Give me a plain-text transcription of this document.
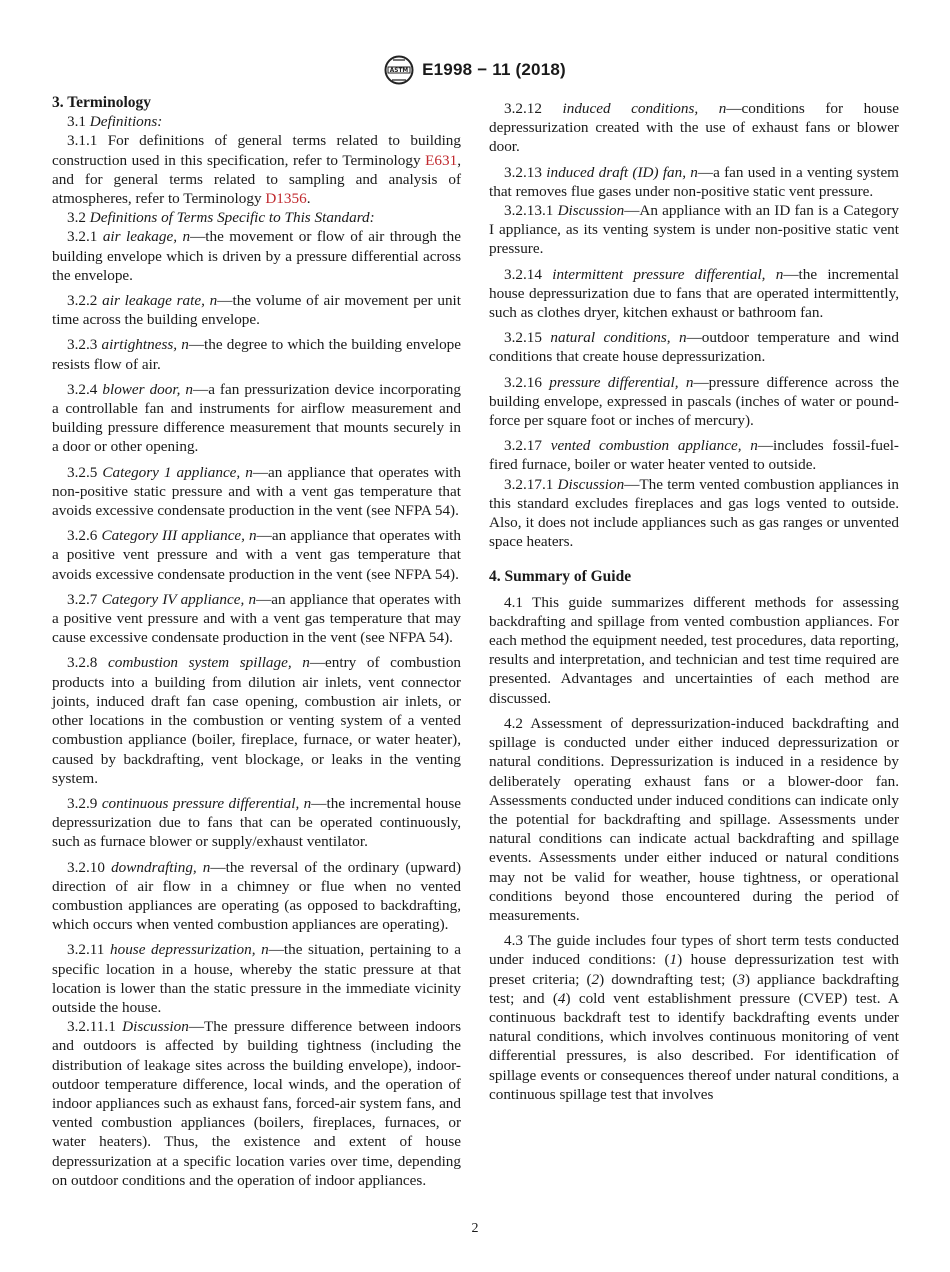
ASTM E1998 − 11 (2018)

3. Terminology

3.1 Definitions:

3.1.1 For definitions of general terms related to building construction used in this specification, refer to Terminology E631, and for general terms related to sampling and analysis of atmospheres, refer to Terminology D1356.

3.2 Definitions of Terms Specific to This Standard:

3.2.1 air leakage, n—the movement or flow of air through the building envelope which is driven by a pressure differential across the envelope.

3.2.2 air leakage rate, n—the volume of air movement per unit time across the building envelope.

3.2.3 airtightness, n—the degree to which the building envelope resists flow of air.

3.2.4 blower door, n—a fan pressurization device incorporating a controllable fan and instruments for airflow measurement and building pressure difference measurement that mounts securely in a door or other opening.

3.2.5 Category 1 appliance, n—an appliance that operates with non-positive static pressure and with a vent gas temperature that avoids excessive condensate production in the vent (see NFPA 54).

3.2.6 Category III appliance, n—an appliance that operates with a positive vent pressure and with a vent gas temperature that avoids excessive condensate production in the vent (see NFPA 54).

3.2.7 Category IV appliance, n—an appliance that operates with a positive vent pressure and with a vent gas temperature that may cause excessive condensate production in the vent (see NFPA 54).

3.2.8 combustion system spillage, n—entry of combustion products into a building from dilution air inlets, vent connector joints, induced draft fan case opening, combustion air inlets, or other locations in the combustion or venting system of a vented combustion appliance (boiler, fireplace, furnace, or water heater), caused by backdrafting, vent blockage, or leaks in the venting system.

3.2.9 continuous pressure differential, n—the incremental house depressurization due to fans that can be operated continuously, such as furnace blower or supply/exhaust ventilator.

3.2.10 downdrafting, n—the reversal of the ordinary (upward) direction of air flow in a chimney or flue when no vented combustion appliances are operating (as opposed to backdrafting, which occurs when vented combustion appliances are operating).

3.2.11 house depressurization, n—the situation, pertaining to a specific location in a house, whereby the static pressure at that location is lower than the static pressure in the immediate vicinity outside the house.

3.2.11.1 Discussion—The pressure difference between indoors and outdoors is affected by building tightness (including the distribution of leakage sites across the building envelope), indoor-outdoor temperature difference, local winds, and the operation of indoor appliances such as exhaust fans, forced-air system fans, and vented combustion appliances (boilers, fireplaces, furnaces, or water heaters). Thus, the existence and extent of house depressurization at a specific location varies over time, depending on outdoor conditions and the operation of indoor appliances.

3.2.12 induced conditions, n—conditions for house depressurization created with the use of exhaust fans or blower door.

3.2.13 induced draft (ID) fan, n—a fan used in a venting system that removes flue gases under non-positive static vent pressure.

3.2.13.1 Discussion—An appliance with an ID fan is a Category I appliance, as its venting system is under non-positive static vent pressure.

3.2.14 intermittent pressure differential, n—the incremental house depressurization due to fans that are operated intermittently, such as clothes dryer, kitchen exhaust or bathroom fan.

3.2.15 natural conditions, n—outdoor temperature and wind conditions that create house depressurization.

3.2.16 pressure differential, n—pressure difference across the building envelope, expressed in pascals (inches of water or pound-force per square foot or inches of mercury).

3.2.17 vented combustion appliance, n—includes fossil-fuel-fired furnace, boiler or water heater vented to outside.

3.2.17.1 Discussion—The term vented combustion appliances in this standard excludes fireplaces and gas logs vented to outside. Also, it does not include appliances such as gas ranges or unvented space heaters.

4. Summary of Guide

4.1 This guide summarizes different methods for assessing backdrafting and spillage from vented combustion appliances. For each method the equipment needed, test procedures, data reporting, results and interpretation, and technician and test time required are presented. Advantages and uncertainties of each method are discussed.

4.2 Assessment of depressurization-induced backdrafting and spillage is conducted under either induced depressurization or natural conditions. Depressurization is induced in a residence by deliberately operating exhaust fans or a blower-door fan. Assessments conducted under induced conditions can indicate only the potential for backdrafting and spillage. Assessments under natural conditions can indicate actual backdrafting and spillage events. Assessments under either induced or natural conditions may not be valid for weather, house tightness, or operational conditions beyond those encountered during the period of measurements.

4.3 The guide includes four types of short term tests conducted under induced conditions: (1) house depressurization test with preset criteria; (2) downdrafting test; (3) appliance backdrafting test; and (4) cold vent establishment pressure (CVEP) test. A continuous backdraft test to identify backdrafting events under natural conditions, which involves continuous monitoring of vent differential pressures, is also described. For identification of spillage events or consequences thereof under natural conditions, a continuous spillage test that involves

2
